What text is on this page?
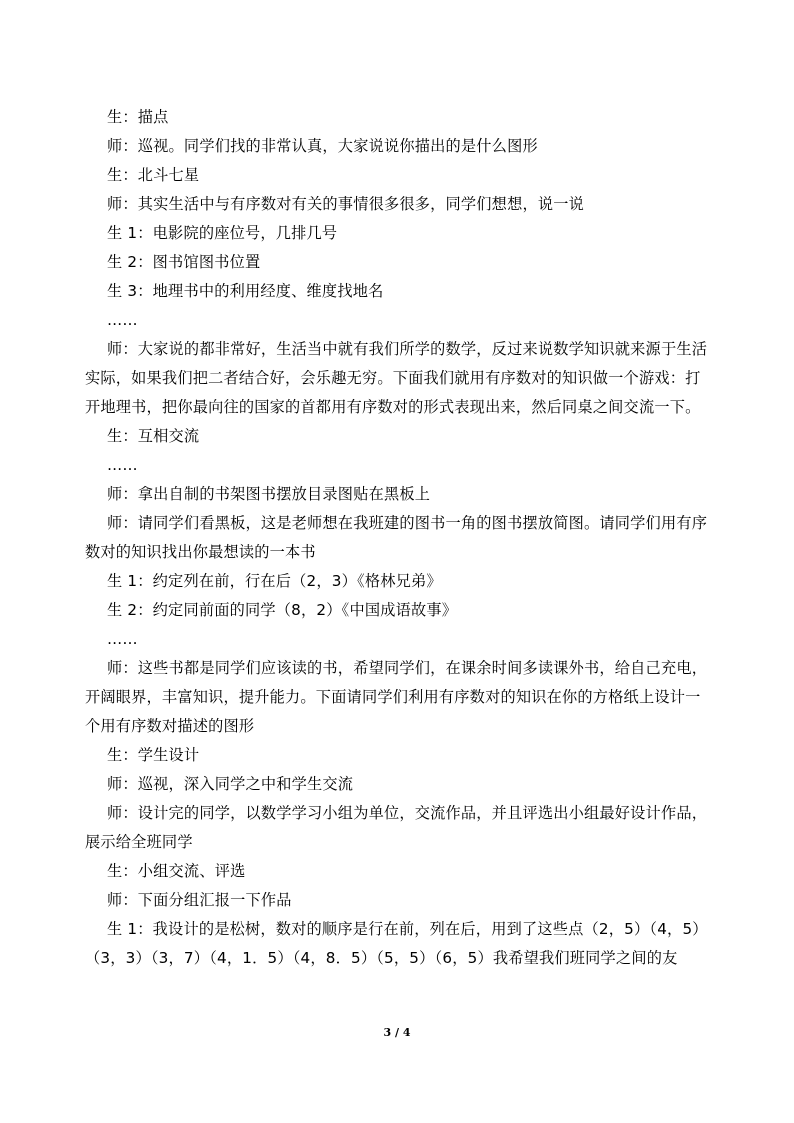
生：描点

师：巡视。同学们找的非常认真，大家说说你描出的是什么图形

生：北斗七星

师：其实生活中与有序数对有关的事情很多很多，同学们想想，说一说

生 1：电影院的座位号，几排几号

生 2：图书馆图书位置

生 3：地理书中的利用经度、维度找地名

……

师：大家说的都非常好，生活当中就有我们所学的数学，反过来说数学知识就来源于生活实际，如果我们把二者结合好，会乐趣无穷。下面我们就用有序数对的知识做一个游戏：打开地理书，把你最向往的国家的首都用有序数对的形式表现出来，然后同桌之间交流一下。

生：互相交流

……

师：拿出自制的书架图书摆放目录图贴在黑板上

师：请同学们看黑板，这是老师想在我班建的图书一角的图书摆放简图。请同学们用有序数对的知识找出你最想读的一本书

生 1：约定列在前，行在后（2，3）《格林兄弟》

生 2：约定同前面的同学（8，2）《中国成语故事》

……

师：这些书都是同学们应该读的书，希望同学们，在课余时间多读课外书，给自己充电，开阔眼界，丰富知识，提升能力。下面请同学们利用有序数对的知识在你的方格纸上设计一个用有序数对描述的图形

生：学生设计

师：巡视，深入同学之中和学生交流

师：设计完的同学，以数学学习小组为单位，交流作品，并且评选出小组最好设计作品，展示给全班同学

生：小组交流、评选

师：下面分组汇报一下作品

生 1：我设计的是松树，数对的顺序是行在前，列在后，用到了这些点（2，5）（4，5）（3，3）（3，7）（4，1．5）（4，8．5）（5，5）（6，5）我希望我们班同学之间的友

3 / 4
